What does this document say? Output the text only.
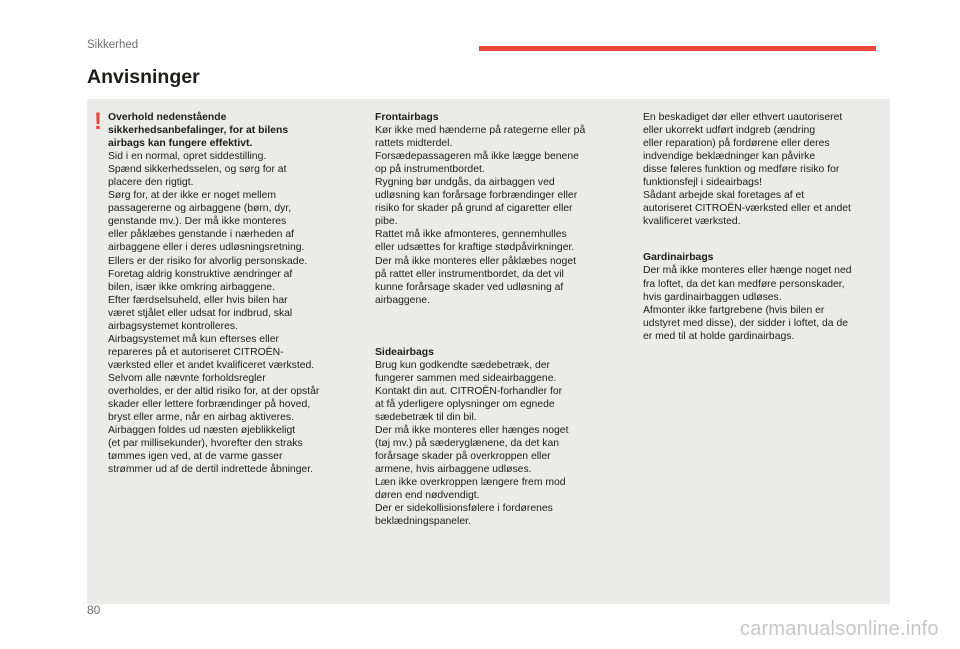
Sikkerhed
Anvisninger
! Overhold nedenstående
sikkerhedsanbefalinger, for at bilens
airbags kan fungere effektivt.

Sid i en normal, opret siddestilling.
Spænd sikkerhedsselen, og sørg for at
placere den rigtigt.
Sørg for, at der ikke er noget mellem
passagererne og airbaggene (børn, dyr,
genstande mv.). Der må ikke monteres
eller påklæbes genstande i nærheden af
airbaggene eller i deres udløsningsretning.
Ellers er der risiko for alvorlig personskade.
Foretag aldrig konstruktive ændringer af
bilen, især ikke omkring airbaggene.
Efter færdselsuheld, eller hvis bilen har
været stjålet eller udsat for indbrud, skal
airbagsystemet kontrolleres.
Airbagsystemet må kun efterses eller
repareres på et autoriseret CITROËN-
værksted eller et andet kvalificeret værksted.
Selvom alle nævnte forholdsregler
overholdes, er der altid risiko for, at der opstår
skader eller lettere forbrændinger på hoved,
bryst eller arme, når en airbag aktiveres.
Airbaggen foldes ud næsten øjeblikkeligt
(et par millisekunder), hvorefter den straks
tømmes igen ved, at de varme gasser
strømmer ud af de dertil indrettede åbninger.

Frontairbags

Kør ikke med hænderne på rategerne eller på
rattets midterdel.
Forsædepassageren må ikke lægge benene
op på instrumentbordet.
Rygning bør undgås, da airbaggen ved
udløsning kan forårsage forbrændinger eller
risiko for skader på grund af cigaretter eller
pibe.
Rattet må ikke afmonteres, gennemhulles
eller udsættes for kraftige stødpåvirkninger.
Der må ikke monteres eller påklæbes noget
på rattet eller instrumentbordet, da det vil
kunne forårsage skader ved udløsning af
airbaggene.

Sideairbags

Brug kun godkendte sædebetræk, der
fungerer sammen med sideairbaggene.
Kontakt din aut. CITROËN-forhandler for
at få yderligere oplysninger om egnede
sædebetræk til din bil.
Der må ikke monteres eller hænges noget
(tøj mv.) på sæderyglænene, da det kan
forårsage skader på overkroppen eller
armene, hvis airbaggene udløses.
Læn ikke overkroppen længere frem mod
døren end nødvendigt.
Der er sidekollisionsfølere i fordørenes
beklædningspaneler.

En beskadiget dør eller ethvert uautoriseret
eller ukorrekt udført indgreb (ændring
eller reparation) på fordørene eller deres
indvendige beklædninger kan påvirke
disse føleres funktion og medføre risiko for
funktionsfejl i sideairbags!
Sådant arbejde skal foretages af et
autoriseret CITROËN-værksted eller et andet
kvalificeret værksted.

Gardinairbags

Der må ikke monteres eller hænge noget ned
fra loftet, da det kan medføre personskader,
hvis gardinairbaggen udløses.
Afmonter ikke fartgrebene (hvis bilen er
udstyret med disse), der sidder i loftet, da de
er med til at holde gardinairbags.

80
carmanualsonline.info
